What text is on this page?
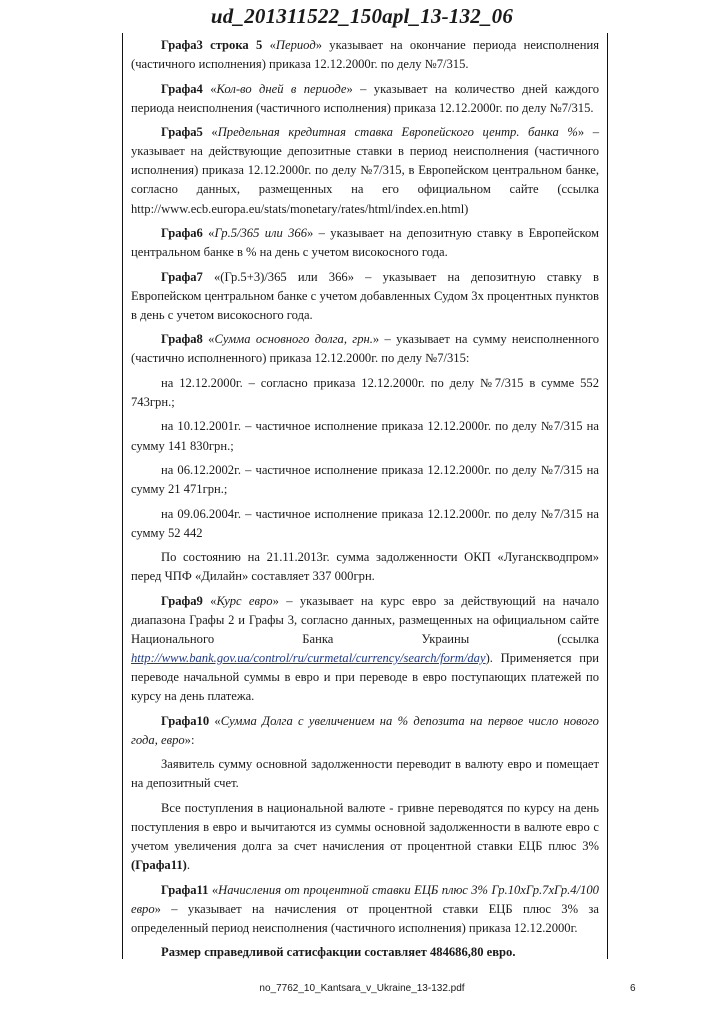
ud_201311522_150apl_13-132_06

Графа3 строка 5 «Период» указывает на окончание периода неисполнения (частичного исполнения) приказа 12.12.2000г. по делу №7/315.

Графа4 «Кол-во дней в периоде» – указывает на количество дней каждого периода неисполнения (частичного исполнения) приказа 12.12.2000г. по делу №7/315.

Графа5 «Предельная кредитная ставка Европейского центр. банка %» – указывает на действующие депозитные ставки в период неисполнения (частичного исполнения) приказа 12.12.2000г. по делу №7/315, в Европейском центральном банке, согласно данных, размещенных на его официальном сайте (ссылка http://www.ecb.europa.eu/stats/monetary/rates/html/index.en.html)

Графа6 «Гр.5/365 или 366» – указывает на депозитную ставку в Европейском центральном банке в % на день с учетом високосного года.

Графа7 «(Гр.5+3)/365 или 366» – указывает на депозитную ставку в Европейском центральном банке с учетом добавленных Судом 3х процентных пунктов в день с учетом високосного года.

Графа8 «Сумма основного долга, грн.» – указывает на сумму неисполненного (частично исполненного) приказа 12.12.2000г. по делу №7/315:

на 12.12.2000г. – согласно приказа 12.12.2000г. по делу №7/315 в сумме 552 743грн.;

на 10.12.2001г. – частичное исполнение приказа 12.12.2000г. по делу №7/315 на сумму 141 830грн.;

на 06.12.2002г. – частичное исполнение приказа 12.12.2000г. по делу №7/315 на сумму 21 471грн.;

на 09.06.2004г. – частичное исполнение приказа 12.12.2000г. по делу №7/315 на сумму 52 442

По состоянию на 21.11.2013г. сумма задолженности ОКП «Луганскводпром» перед ЧПФ «Дилайн» составляет 337 000грн.

Графа9 «Курс евро» – указывает на курс евро за действующий на начало диапазона Графы 2 и Графы 3, согласно данных, размещенных на официальном сайте Национального Банка Украины (ссылка http://www.bank.gov.ua/control/ru/curmetal/currency/search/form/day). Применяется при переводе начальной суммы в евро и при переводе в евро поступающих платежей по курсу на день платежа.

Графа10 «Сумма Долга с увеличением на % депозита на первое число нового года, евро»:

Заявитель сумму основной задолженности переводит в валюту евро и помещает на депозитный счет.

Все поступления в национальной валюте - гривне переводятся по курсу на день поступления в евро и вычитаются из суммы основной задолженности в валюте евро с учетом увеличения долга за счет начисления от процентной ставки ЕЦБ плюс 3% (Графа11).

Графа11 «Начисления от процентной ставки ЕЦБ плюс 3% Гр.10хГр.7хГр.4/100 евро» – указывает на начисления от процентной ставки ЕЦБ плюс 3% за определенный период неисполнения (частичного исполнения) приказа 12.12.2000г.

Размер справедливой сатисфакции составляет 484686,80 евро.

no_7762_10_Kantsara_v_Ukraine_13-132.pdf	6
